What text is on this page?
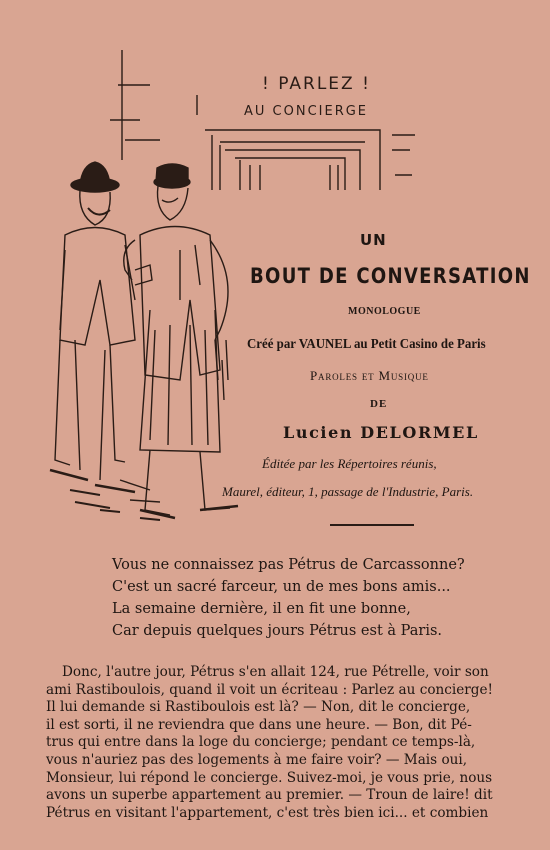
! PARLEZ !
AU CONCIERGE
UN
BOUT DE CONVERSATION
MONOLOGUE
Créé par VAUNEL au Petit Casino de Paris
Paroles et Musique
DE
Lucien DELORMEL
Éditée par les Répertoires réunis,
Maurel, éditeur, 1, passage de l'Industrie, Paris.
Vous ne connaissez pas Pétrus de Carcassonne?
C'est un sacré farceur, un de mes bons amis...
La semaine dernière, il en fit une bonne,
Car depuis quelques jours Pétrus est à Paris.
Donc, l'autre jour, Pétrus s'en allait 124, rue Pétrelle, voir son
ami Rastiboulois, quand il voit un écriteau : Parlez au concierge!
Il lui demande si Rastiboulois est là? — Non, dit le concierge,
il est sorti, il ne reviendra que dans une heure. — Bon, dit Pé-
trus qui entre dans la loge du concierge; pendant ce temps-là,
vous n'auriez pas des logements à me faire voir? — Mais oui,
Monsieur, lui répond le concierge. Suivez-moi, je vous prie, nous
avons un superbe appartement au premier. — Troun de laire! dit
Pétrus en visitant l'appartement, c'est très bien ici... et combien
